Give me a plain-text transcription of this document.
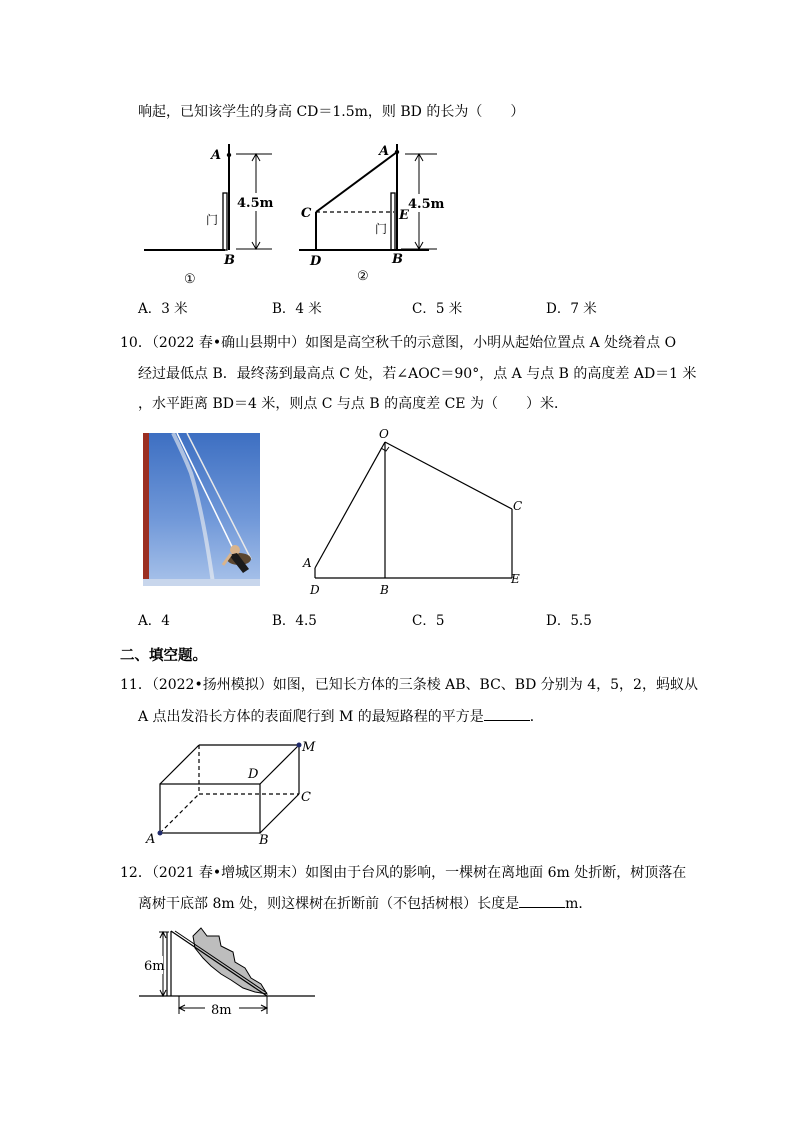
响起，已知该学生的身高 CD＝1.5m，则 BD 的长为（　　）
4.5m
A
门
B
①
4.5m
A
C	E
门
D	B
②
A．3 米	B．4 米	C．5 米	D．7 米
10．（2022 春•确山县期中）如图是高空秋千的示意图，小明从起始位置点 A 处绕着点 O
经过最低点 B．最终荡到最高点 C 处，若∠AOC＝90°，点 A 与点 B 的高度差 AD＝1 米
，水平距离 BD＝4 米，则点 C 与点 B 的高度差 CE 为（　　）米．
O
A
C
D	B
E
A．4	B．4.5	C．5	D．5.5
二、填空题。
11．（2022•扬州模拟）如图，已知长方体的三条棱 AB、BC、BD 分别为 4，5，2，蚂蚁从
A 点出发沿长方体的表面爬行到 M 的最短路程的平方是	．
A	B
C
D
M
12．（2021 春•增城区期末）如图由于台风的影响，一棵树在离地面 6m 处折断，树顶落在
离树干底部 8m 处，则这棵树在折断前（不包括树根）长度是	m．
6m
8m
